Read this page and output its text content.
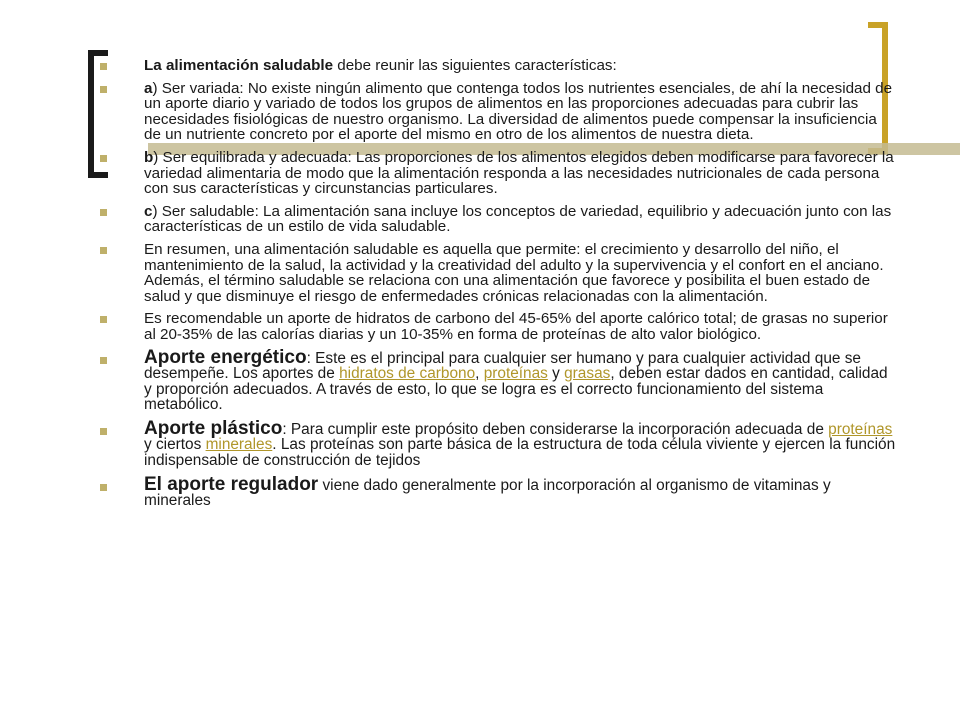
La alimentación saludable debe reunir las siguientes características:
a) Ser variada: No existe ningún alimento que contenga todos los nutrientes esenciales, de ahí la necesidad de un aporte diario y variado de todos los grupos de alimentos en las proporciones adecuadas para cubrir las necesidades fisiológicas de nuestro organismo. La diversidad de alimentos puede compensar la insuficiencia de un nutriente concreto por el aporte del mismo en otro de los alimentos de nuestra dieta.
b) Ser equilibrada y adecuada: Las proporciones de los alimentos elegidos deben modificarse para favorecer la variedad alimentaria de modo que la alimentación responda a las necesidades nutricionales de cada persona con sus características y circunstancias particulares.
c) Ser saludable: La alimentación sana incluye los conceptos de variedad, equilibrio y adecuación junto con las características de un estilo de vida saludable.
En resumen, una alimentación saludable es aquella que permite: el crecimiento y desarrollo del niño, el mantenimiento de la salud, la actividad y la creatividad del adulto y la supervivencia y el confort en el anciano. Además, el término saludable se relaciona con una alimentación que favorece y posibilita el buen estado de salud y que disminuye el riesgo de enfermedades crónicas relacionadas con la alimentación.
Es recomendable un aporte de hidratos de carbono del 45-65% del aporte calórico total; de grasas no superior al 20-35% de las calorías diarias y un 10-35% en forma de proteínas de alto valor biológico.
Aporte energético: Este es el principal para cualquier ser humano y para cualquier actividad que se desempeñe. Los aportes de hidratos de carbono, proteínas y grasas, deben estar dados en cantidad, calidad y proporción adecuados. A través de esto, lo que se logra es el correcto funcionamiento del sistema metabólico.
Aporte plástico: Para cumplir este propósito deben considerarse la incorporación adecuada de proteínas y ciertos minerales. Las proteínas son parte básica de la estructura de toda célula viviente y ejercen la función indispensable de construcción de tejidos
El aporte regulador viene dado generalmente por la incorporación al organismo de vitaminas y minerales
